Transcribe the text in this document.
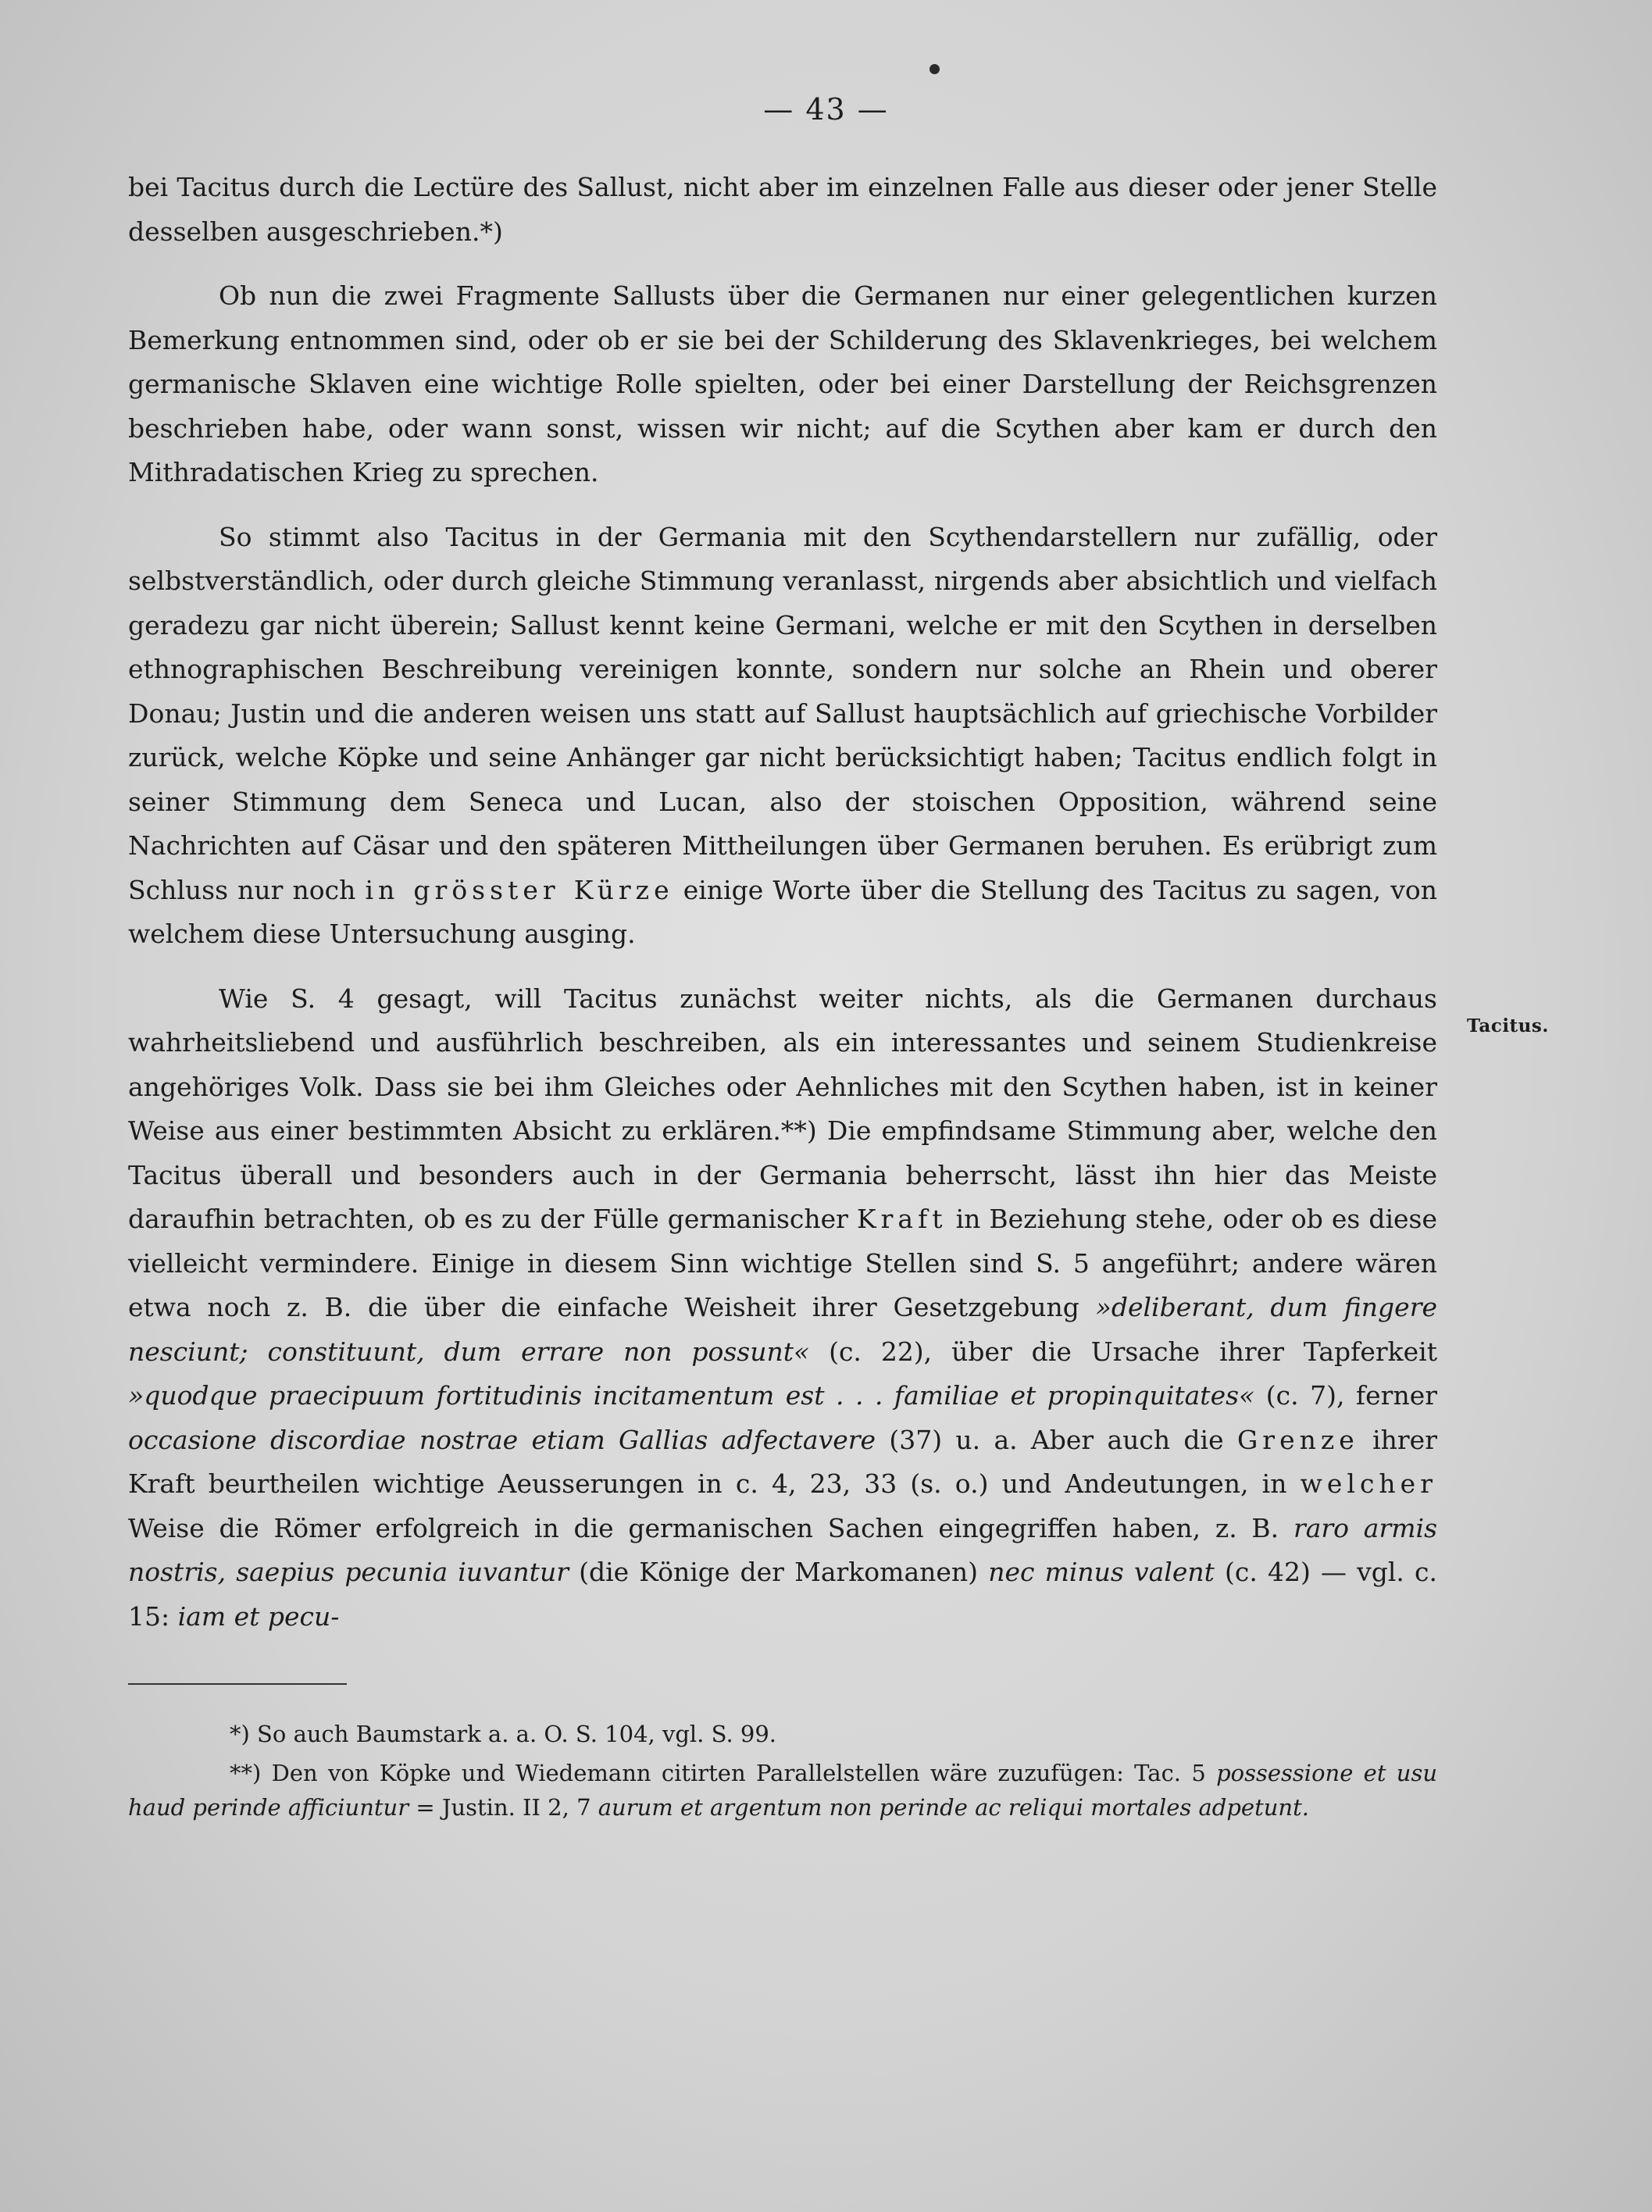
— 43 —

bei Tacitus durch die Lectüre des Sallust, nicht aber im einzelnen Falle aus dieser oder jener Stelle desselben ausgeschrieben.*)

Ob nun die zwei Fragmente Sallusts über die Germanen nur einer gelegentlichen kurzen Bemerkung entnommen sind, oder ob er sie bei der Schilderung des Sklavenkrieges, bei welchem germanische Sklaven eine wichtige Rolle spielten, oder bei einer Darstellung der Reichsgrenzen beschrieben habe, oder wann sonst, wissen wir nicht; auf die Scythen aber kam er durch den Mithradatischen Krieg zu sprechen.

So stimmt also Tacitus in der Germania mit den Scythendarstellern nur zufällig, oder selbstverständlich, oder durch gleiche Stimmung veranlasst, nirgends aber absichtlich und vielfach geradezu gar nicht überein; Sallust kennt keine Germani, welche er mit den Scythen in derselben ethnographischen Beschreibung vereinigen konnte, sondern nur solche an Rhein und oberer Donau; Justin und die anderen weisen uns statt auf Sallust hauptsächlich auf griechische Vorbilder zurück, welche Köpke und seine Anhänger gar nicht berücksichtigt haben; Tacitus endlich folgt in seiner Stimmung dem Seneca und Lucan, also der stoischen Opposition, während seine Nachrichten auf Cäsar und den späteren Mittheilungen über Germanen beruhen. Es erübrigt zum Schluss nur noch in grösster Kürze einige Worte über die Stellung des Tacitus zu sagen, von welchem diese Untersuchung ausging.

Wie S. 4 gesagt, will Tacitus zunächst weiter nichts, als die Germanen durchaus wahrheitsliebend und ausführlich beschreiben, als ein interessantes und seinem Studienkreise angehöriges Volk. Dass sie bei ihm Gleiches oder Aehnliches mit den Scythen haben, ist in keiner Weise aus einer bestimmten Absicht zu erklären.**) Die empfindsame Stimmung aber, welche den Tacitus überall und besonders auch in der Germania beherrscht, lässt ihn hier das Meiste daraufhin betrachten, ob es zu der Fülle germanischer Kraft in Beziehung stehe, oder ob es diese vielleicht vermindere. Einige in diesem Sinn wichtige Stellen sind S. 5 angeführt; andere wären etwa noch z. B. die über die einfache Weisheit ihrer Gesetzgebung »deliberant, dum fingere nesciunt; constituunt, dum errare non possunt« (c. 22), über die Ursache ihrer Tapferkeit »quodque praecipuum fortitudinis incitamentum est . . . familiae et propinquitates« (c. 7), ferner occasione discordiae nostrae etiam Gallias adfectavere (37) u. a. Aber auch die Grenze ihrer Kraft beurtheilen wichtige Aeusserungen in c. 4, 23, 33 (s. o.) und Andeutungen, in welcher Weise die Römer erfolgreich in die germanischen Sachen eingegriffen haben, z. B. raro armis nostris, saepius pecunia iuvantur (die Könige der Markomanen) nec minus valent (c. 42) — vgl. c. 15: iam et pecu-

Tacitus.

*) So auch Baumstark a. a. O. S. 104, vgl. S. 99.

**) Den von Köpke und Wiedemann citirten Parallelstellen wäre zuzufügen: Tac. 5 possessione et usu haud perinde afficiuntur = Justin. II 2, 7 aurum et argentum non perinde ac reliqui mortales adpetunt.
